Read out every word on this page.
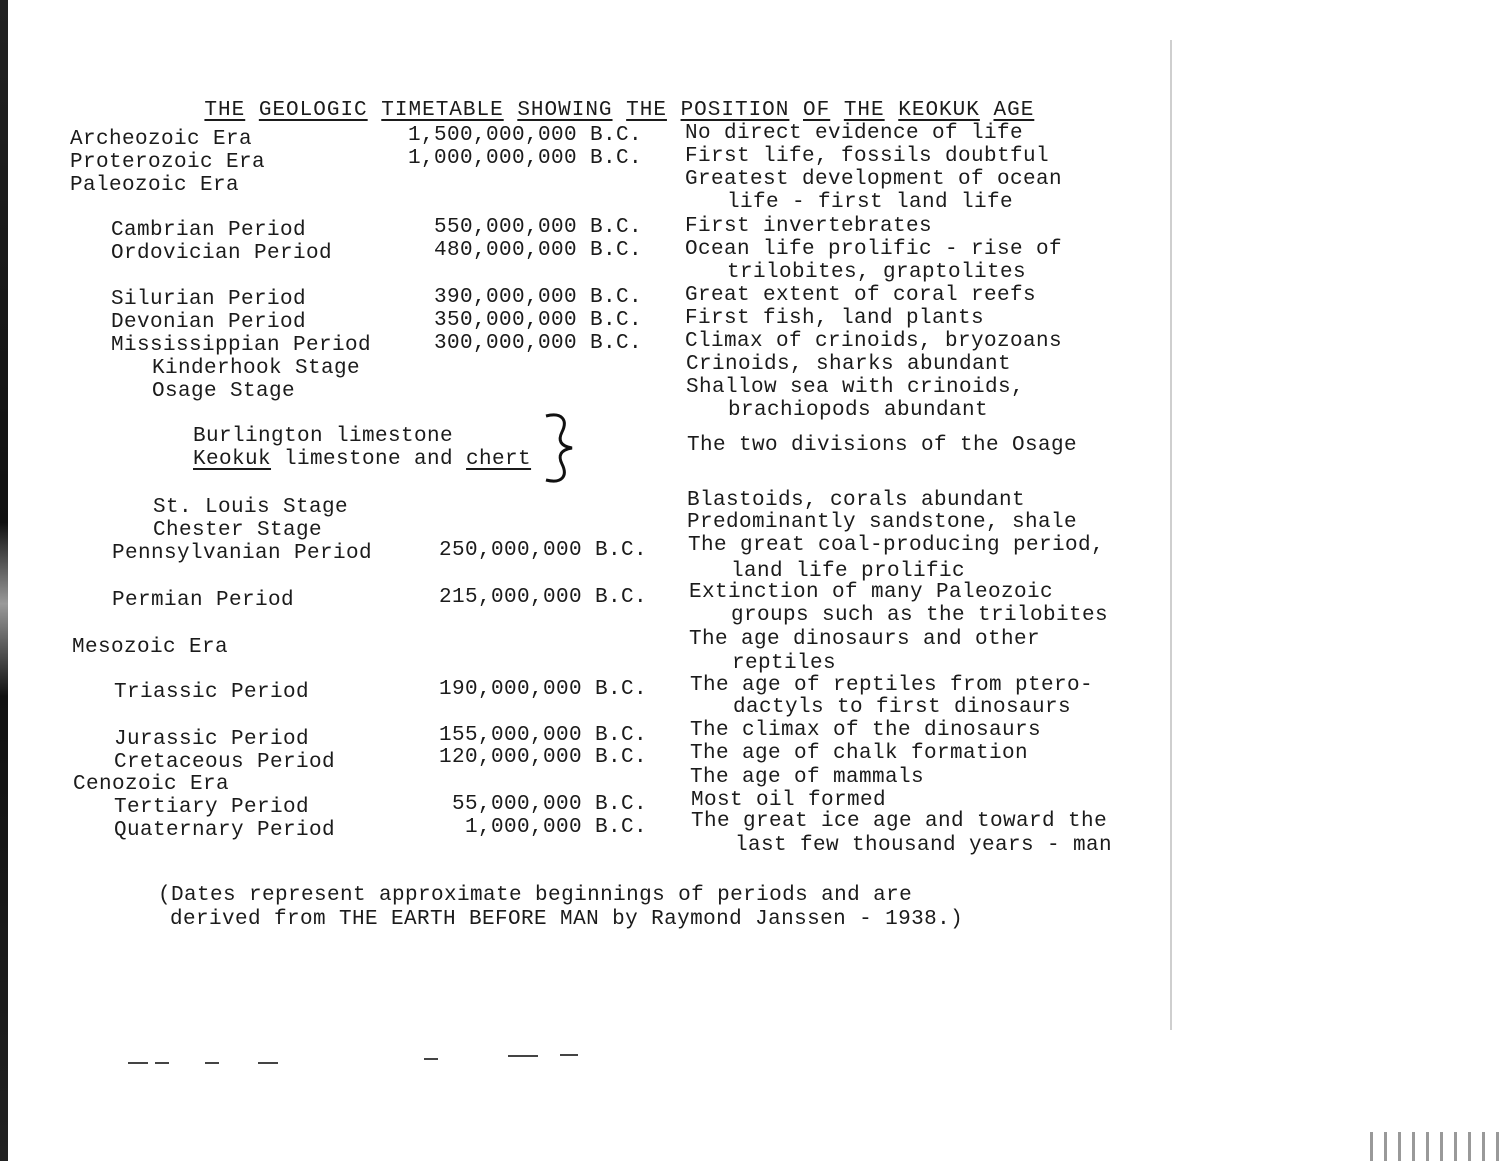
THE GEOLOGIC TIMETABLE SHOWING THE POSITION OF THE KEOKUK AGE

Archeozoic Era	1,500,000,000 B.C. No direct evidence of life
Proterozoic Era	1,000,000,000 B.C. First life, fossils doubtful
Paleozoic Era	Greatest development of ocean
life - first land life
Cambrian Period	550,000,000 B.C. First invertebrates
Ordovician Period	480,000,000 B.C. Ocean life prolific - rise of
trilobites, graptolites
Silurian Period	390,000,000 B.C. Great extent of coral reefs
Devonian Period	350,000,000 B.C. First fish, land plants
Mississippian Period	300,000,000 B.C. Climax of crinoids, bryozoans
Kinderhook Stage	Crinoids, sharks abundant
Osage Stage	Shallow sea with crinoids,
brachiopods abundant
Burlington limestone
Keokuk limestone and chert
The two divisions of the Osage
St. Louis Stage	Blastoids, corals abundant
Chester Stage	Predominantly sandstone, shale
Pennsylvanian Period	250,000,000 B.C. The great coal-producing period,
land life prolific
Permian Period	215,000,000 B.C. Extinction of many Paleozoic
groups such as the trilobites
Mesozoic Era	The age dinosaurs and other
reptiles
Triassic Period	190,000,000 B.C. The age of reptiles from ptero-
dactyls to first dinosaurs
Jurassic Period	155,000,000 B.C. The climax of the dinosaurs
Cretaceous Period	120,000,000 B.C. The age of chalk formation
Cenozoic Era	The age of mammals
Tertiary Period	55,000,000 B.C. Most oil formed
Quaternary Period	1,000,000 B.C. The great ice age and toward the
last few thousand years - man
(Dates represent approximate beginnings of periods and are
derived from THE EARTH BEFORE MAN by Raymond Janssen - 1938.)
